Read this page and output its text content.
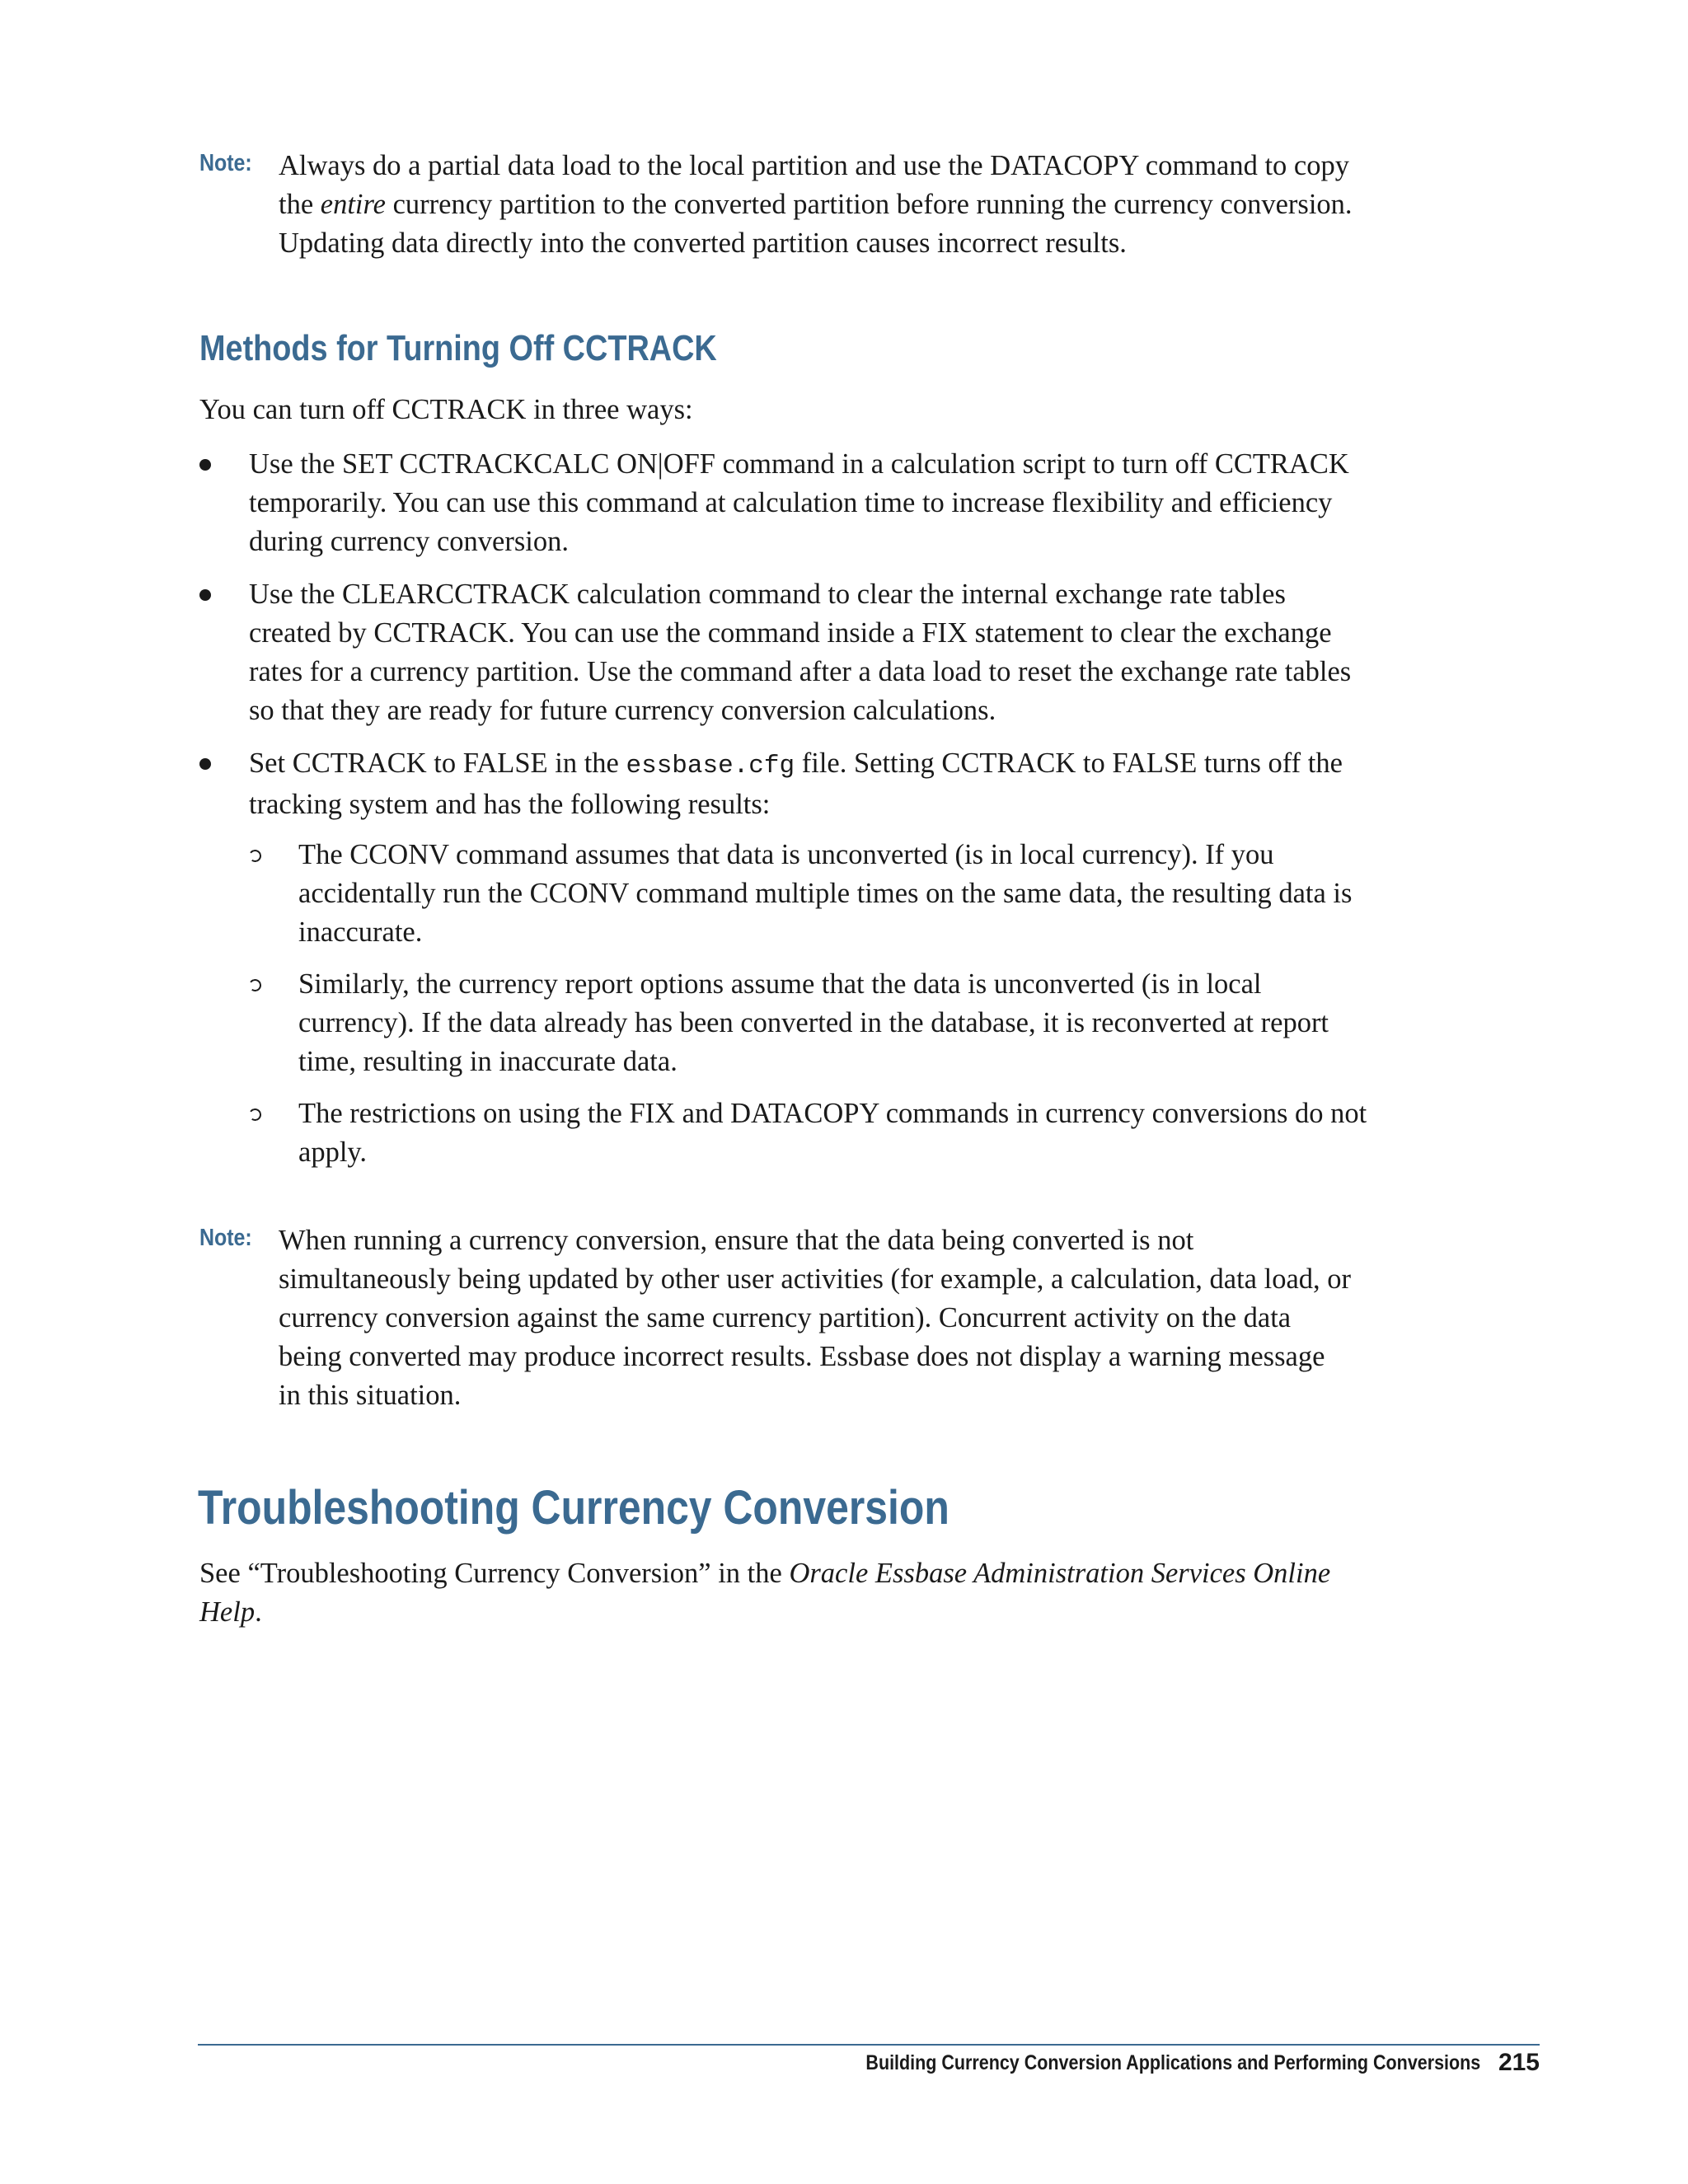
Note: Always do a partial data load to the local partition and use the DATACOPY command to copy the entire currency partition to the converted partition before running the currency conversion. Updating data directly into the converted partition causes incorrect results.
Methods for Turning Off CCTRACK
You can turn off CCTRACK in three ways:
Use the SET CCTRACKCALC ON|OFF command in a calculation script to turn off CCTRACK temporarily. You can use this command at calculation time to increase flexibility and efficiency during currency conversion.
Use the CLEARCCTRACK calculation command to clear the internal exchange rate tables created by CCTRACK. You can use the command inside a FIX statement to clear the exchange rates for a currency partition. Use the command after a data load to reset the exchange rate tables so that they are ready for future currency conversion calculations.
Set CCTRACK to FALSE in the essbase.cfg file. Setting CCTRACK to FALSE turns off the tracking system and has the following results:
The CCONV command assumes that data is unconverted (is in local currency). If you accidentally run the CCONV command multiple times on the same data, the resulting data is inaccurate.
Similarly, the currency report options assume that the data is unconverted (is in local currency). If the data already has been converted in the database, it is reconverted at report time, resulting in inaccurate data.
The restrictions on using the FIX and DATACOPY commands in currency conversions do not apply.
Note: When running a currency conversion, ensure that the data being converted is not simultaneously being updated by other user activities (for example, a calculation, data load, or currency conversion against the same currency partition). Concurrent activity on the data being converted may produce incorrect results. Essbase does not display a warning message in this situation.
Troubleshooting Currency Conversion
See “Troubleshooting Currency Conversion” in the Oracle Essbase Administration Services Online Help.
Building Currency Conversion Applications and Performing Conversions 215
